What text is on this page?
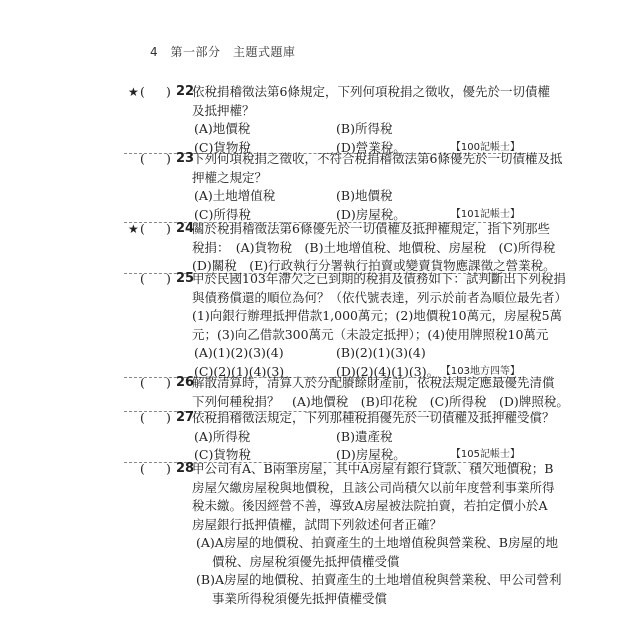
4 第一部分　主題式題庫
★ ( ) 22
依稅捐稽徵法第6條規定，下列何項稅捐之徵收，優先於一切債權
及抵押權？
(A)地價稅	(B)所得稅
(C)貨物稅	(D)營業稅。	【100記帳士】
( ) 23
下列何項稅捐之徵收，不符合稅捐稽徵法第6條優先於一切債權及抵
押權之規定？
(A)土地增值稅	(B)地價稅
(C)所得稅	(D)房屋稅。	【101記帳士】
★ ( ) 24
關於稅捐稽徵法第6條優先於一切債權及抵押權規定，指下列那些
稅捐：　(A)貨物稅　(B)土地增值稅、地價稅、房屋稅　(C)所得稅
(D)關稅　(E)行政執行分署執行拍賣或變賣貨物應課徵之營業稅。
( ) 25
甲於民國103年滯欠之已到期的稅捐及債務如下：試判斷出下列稅捐
與債務償還的順位為何？（依代號表達，列示於前者為順位最先者）
(1)向銀行辦理抵押借款1,000萬元；(2)地價稅10萬元，房屋稅5萬
元；(3)向乙借款300萬元（未設定抵押）；(4)使用牌照稅10萬元
(A)(1)(2)(3)(4)	(B)(2)(1)(3)(4)
(C)(2)(1)(4)(3)	(D)(2)(4)(1)(3)。 【103地方四等】
( ) 26
解散清算時，清算人於分配賸餘財產前，依稅法規定應最優先清償
下列何種稅捐？　(A)地價稅　(B)印花稅　(C)所得稅　(D)牌照稅。
( ) 27
依稅捐稽徵法規定，下列那種稅捐優先於一切債權及抵押權受償？
(A)所得稅	(B)遺產稅
(C)貨物稅	(D)房屋稅。	【105記帳士】
( ) 28
甲公司有A、B兩筆房屋，其中A房屋有銀行貸款、積欠地價稅；B
房屋欠繳房屋稅與地價稅，且該公司尚積欠以前年度營利事業所得
稅未繳。後因經營不善，導致A房屋被法院拍賣，若拍定價小於A
房屋銀行抵押債權，試問下列敘述何者正確？
(A)A房屋的地價稅、拍賣產生的土地增值稅與營業稅、B房屋的地
價稅、房屋稅須優先抵押債權受償
(B)A房屋的地價稅、拍賣產生的土地增值稅與營業稅、甲公司營利
事業所得稅須優先抵押債權受償
